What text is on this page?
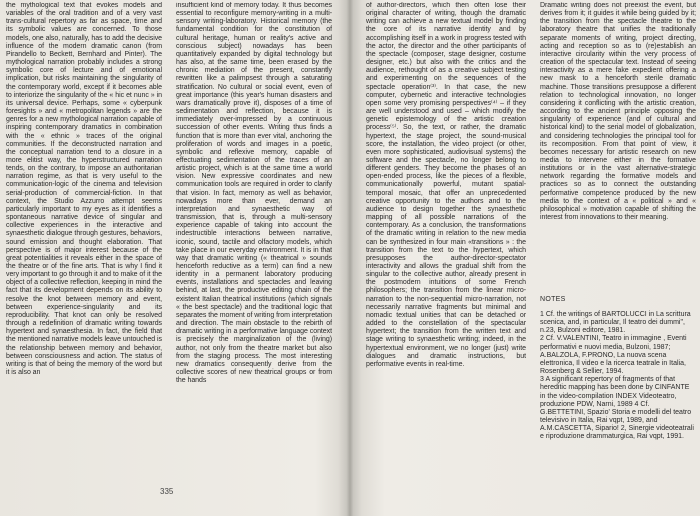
the mythological text that evokes models and variables of the oral tradition and of a very vast trans-cultural repertory as far as space, time and its symbolic values are concerned. To those models, one also, naturally, has to add the decisive influence of the modern dramatic canon (from Pirandello to Beckett, Bernhard and Pinter). The mythological narration probably includes a strong symbolic core of lecture and of emotional implication, but risks maintaining the singularity of the contemporary world, except if it becomes able to interiorize the singularity of the « hic et nunc » in its universal device. Perhaps, some « cyberpunk foresights » and « metropolitan legends » are the genres for a new mythological narration capable of inspiring contemporary dramatics in combination with the « ethnic » traces of the original communities. If the deconstructed narration and the conceptual narration tend to a closure in a more elitist way, the hyperstructured narration tends, on the contrary, to impose an authoritarian narration regime, as that is very useful to the communication-logic of the cinema and television serial-production of commercial-fiction. In that context, the Studio Azzurro attempt seems particularly important to my eyes as it identifies a spontaneous narrative device of singular and collective experiences in the interactive and synaesthetic dialogue through gestures, behaviors, sound emission and thought elaboration. That perspective is of major interest because of the great potentialities it reveals either in the space of the theatre or of the fine arts. That is why I find it very important to go through it and to make of it the object of a collective reflection, keeping in mind the fact that its development depends on its ability to resolve the knot between memory and event, between experience-singularity and its reproducibility. That knot can only be resolved through a redefinition of dramatic writing towards hypertext and synaesthesia. In fact, the field that the mentioned narrative models leave untouched is the relationship between memory and behavior, between consciousness and action. The status of writing is that of being the memory of the word but it is also an

insufficient kind of memory today. It thus becomes essential to reconfigure memory-writing in a multi-sensory writing-laboratory. Historical memory (the fundamental condition for the constitution of cultural heritage, human or reality's active and conscious subject) nowadays has been quantitatively expanded by digital technology but has also, at the same time, been erased by the chronic mediation of the present, constantly rewritten like a palimpsest through a saturating stratification. No cultural or social event, even of great importance (this year's human disasters and wars dramatically prove it), disposes of a time of sedimentation and reflection, because it is immediately over-impressed by a continuous succession of other events. Writing thus finds a function that is more than ever vital, anchoring the proliferation of words and images in a poetic, symbolic and reflexive memory, capable of effectuating sedimentation of the traces of an artistic project, which is at the same time a world vision. New expressive coordinates and new communication tools are required in order to clarify that vision. In fact, memory as well as behavior, nowadays more than ever, demand an interpretation and synaesthetic way of transmission, that is, through a multi-sensory experience capable of taking into account the indestructible interactions between narrative, iconic, sound, tactile and olfactory models, which take place in our everyday environment. It is in that way that dramatic writing (« theatrical » sounds henceforth reductive as a term) can find a new identity in a permanent laboratory producing events, installations and spectacles and leaving behind, at last, the productive editing chain of the existent Italian theatrical institutions (which signals « the best spectacle) and the traditional logic that separates the moment of writing from interpretation and direction. The main obstacle to the rebirth of dramatic writing in a performative language context is precisely the marginalization of the (living) author, not only from the theatre market but also from the staging process. The most interesting new dramatics consequently derive from the collective scores of new theatrical groups or from the hands

335

of author-directors, which then often lose their original character of writing, though the dramatic writing can achieve a new textual model by finding the core of its narrative identity and by accomplishing itself in a work in progress tested with the actor, the director and the other participants of the spectacle (composer, stage designer, costume designer, etc.) but also with the critics and the audience, rethought of as a creative subject testing and experimenting on the sequences of the spectacle operation⁽³⁾. In that case, the new computer, cybernetic and interactive technologies open some very promising perspectives⁽⁴⁾ – if they are well understood and used – which modify the genetic epistemology of the artistic creation process⁽⁵⁾. So, the text, or rather, the dramatic hypertext, the stage project, the sound-musical score, the installation, the video project (or other, even more sophisticated, audiovisual systems) the software and the spectacle, no longer belong to different genders. They become the phases of an open-ended process, like the pieces of a flexible, communicationally powerful, mutant spatial-temporal mosaic, that offer an unprecedented creative opportunity to the authors and to the audience to design together the synaesthetic mapping of all possible narrations of the contemporary. As a conclusion, the transformations of the dramatic writing in relation to the new media can be synthesized in four main «transitions » : the transition from the text to the hypertext, which presupposes the author-director-spectator interactivity and allows the gradual shift from the singular to the collective author, already present in the postmodern intuitions of some French philosophers; the transition from the linear micro-narration to the non-sequential micro-narration, not necessarily narrative fragments but minimal and nomadic textual unities that can be detached or added to the constellation of the spectacular hypertext; the transition from the written text and stage writing to synaesthetic writing; indeed, in the hypertextual environment, we no longer (just) write dialogues and dramatic instructions, but performative events in real-time.

Dramatic writing does not preexist the event, but derives from it; it guides it while being guided by it; the transition from the spectacle theatre to the laboratory theatre that unifies the traditionally separate moments of writing, project directing, acting and reception so as to (re)establish an interactive circularity within the very process of creation of the spectacular text. Instead of seeing interactivity as a mere fake expedient offering a new mask to a henceforth sterile dramatic machine. Those transitions presuppose a different relation to technological innovation, no longer considering it conflicting with the artistic creation, according to the ancient principle opposing the singularity of experience (and of cultural and historical kind) to the serial model of globalization, and considering technologies the principal tool for its recomposition. From that point of view, it becomes necessary for artistic research on new media to intervene either in the formative institutions or in the vast alternative-strategic network regarding the formative models and practices so as to connect the outstanding performative competence produced by the new media to the context of a « political » and « philosophical » motivation capable of shifting the interest from innovations to their meaning.

NOTES

1 Cf. the writings of BARTOLUCCI in La scrittura scenica, and, in particular, Il teatro dei dummi", n.23, Bulzoni editore, 1981.

2 Cf. V.VALENTINI, Teatro in immagine , Eventi performativi e nuovi media, Bulzoni, 1987; A.BALZOLA, F.PRONO, La nuova scena elettronica, Il video e la ricerca teatrale in Italia, Rosenberg & Sellier, 1994.

3 A significant repertory of fragments of that hereditic mapping has been done by CINFANTE in the video-compilation INDEX Videoteatro, produzione PDW, Narni, 1989 4 Cf. G.BETTETINI, Spazio' Storia e modelli del teatro televisivo in Italia, Rai vqpt, 1989, and A.M.CASCETTA, Sipario! 2, Sinergie videoteatrali e riproduzione drammaturgica, Rai vqpt, 1991.
